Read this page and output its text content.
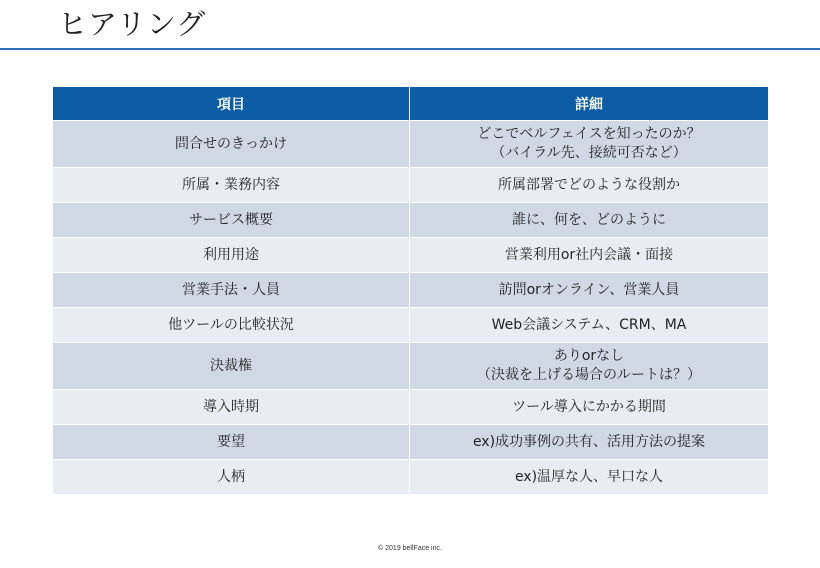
ヒアリング
項目	詳細
問合せのきっかけ	どこでベルフェイスを知ったのか？
（バイラル先、接続可否など）

所属・業務内容	所属部署でどのような役割か

サービス概要	誰に、何を、どのように

利用用途	営業利用or社内会議・面接

営業手法・人員	訪問orオンライン、営業人員

他ツールの比較状況	Web会議システム、CRM、MA

決裁権	ありorなし
（決裁を上げる場合のルートは？）

導入時期	ツール導入にかかる期間

要望	ex)成功事例の共有、活用方法の提案

人柄	ex)温厚な人、早口な人
© 2019 bellFace inc.
